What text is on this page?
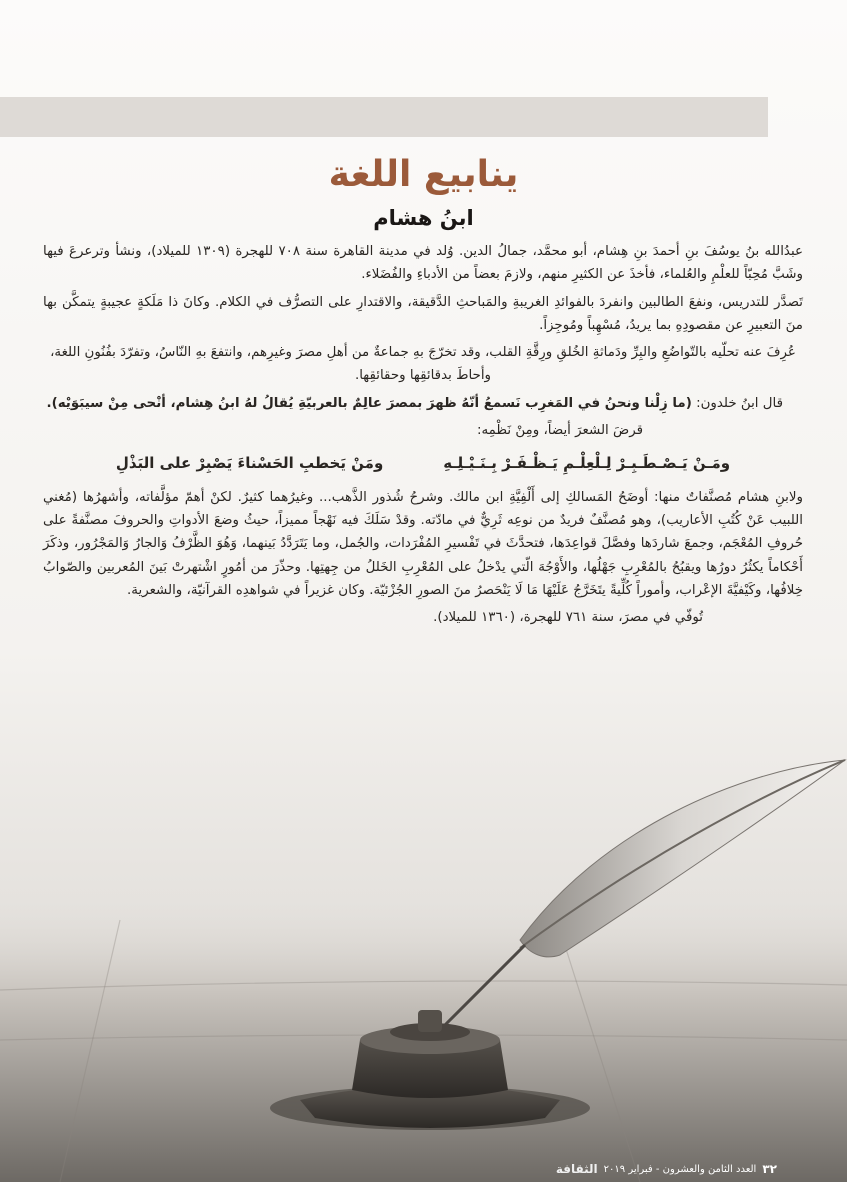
ينابيع اللغة
ابنُ هشام

عبدُالله بنُ يوسُفَ بنِ أحمدَ بنِ هِشام، أبو محمَّد، جمالُ الدين. وُلد في مدينة القاهرة سنة ٧٠٨ للهجرة (١٣٠٩ للميلاد)، ونشأ وترعرعَ فيها وشَبَّ مُحِبّاً للعلْمِ والعُلماء، فأخذَ عن الكثيرِ منهم، ولازمَ بعضاً من الأدباءِ والفُضَلاء.

تَصدَّر للتدريس، ونفعَ الطالبين وانفردَ بالفوائدِ الغريبةِ والمَباحثِ الدَّقيقة، والاقتدارِ على التصرُّف في الكلام. وكانَ ذا مَلَكةٍ عجيبةٍ يتمكَّن بها منَ التعبيرِ عن مقصودِهِ بما يريدُ، مُسْهِباً ومُوجِزاً.

عُرِفَ عنه تحلّيه بالتّواضُعِ والبِرِّ ودَماثةِ الخُلقِ ورِقَّةِ القلب، وقد تخرّجَ بهِ جماعةٌ من أهلِ مصرَ وغيرِهم، وانتفعَ بهِ النّاسُ، وتفرّدَ بفُنُونِ اللغة، وأحاطَ بدقائقِها وحقائقِها.

قال ابنُ خلدون: (ما زِلْنا ونحنُ في المَغرِب نَسمعُ أنّهُ ظهرَ بمصرَ عالِمٌ بالعربيّةِ يُقالُ لهُ ابنُ هِشام، أنْحى مِنْ سيبَوَيْه).

قرضَ الشعرَ أيضاً، ومِنْ نَظْمِه:

ومَـنْ يَـصْـطَـبِـرْ لِـلْعِلْـمِ يَـظْـفَـرْ بِـنَـيْـلِـهِ
ومَنْ يَخطبِ الحَسْناءَ يَصْبِرْ على البَذْلِ

ولابنِ هشام مُصنَّفاتٌ منها: أوضَحُ المَسالكِ إلى أَلْفِيَّةِ ابن مالك. وشرحُ شُذور الذَّهب... وغيرُهما كثيرٌ. لكنْ أهمّ مؤلَّفاته، وأشهرُها (مُغني اللبيب عَنْ كُتُبِ الأعاريب)، وهو مُصنَّفٌ فريدٌ من نوعِه ثَرِيٌّ في مادّته. وقدْ سَلَكَ فيه نَهْجاً مميزاً، حيثُ وضعَ الأدواتِ والحروفَ مصنَّفةً على حُروفِ المُعْجَم، وجمعَ شاردَها وفصَّلَ قواعِدَها، فتحدَّثَ في تَفْسيرِ المُفْرَدات، والجُمل، وما يَتَرَدَّدُ بَينهما، وَهُوَ الظَّرْفُ وَالجارُ وَالمَجْرُور، وذكَرَ أَحْكاماً يكثُرُ دورُها ويقبُحُ بالمُعْرِبِ جَهْلُها، والأَوْجُهَ الّتي يدْخلُ على المُعْرِبِ الخَللُ من جِهتِها. وحذّرَ من أمُورٍ اشْتهرتْ بَينَ المُعربين والصّوابُ خِلافُها، وكَيْفيَّةَ الإعْراب، وأموراً كُلِّيةً يتَخَرَّجُ عَلَيْهَا مَا لَا يَنْحَصرُ منَ الصورِ الجُزْئيّة. وكان غزيراً في شواهدِه القرآنيّة، والشعرية.

تُوفّي في مصرَ، سنة ٧٦١ للهجرة، (١٣٦٠ للميلاد).

٣٢
العدد الثامن والعشرون - فبراير ٢٠١٩
الثقافة
